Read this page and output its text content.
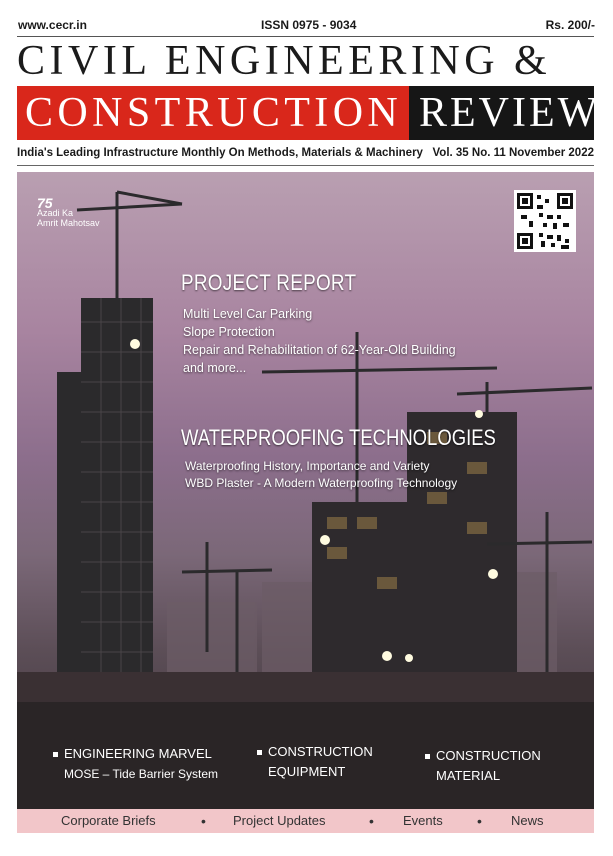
www.cecr.in	ISSN 0975 - 9034	Rs. 200/-
CIVIL ENGINEERING &
CONSTRUCTION REVIEW
India's Leading Infrastructure Monthly On Methods, Materials & Machinery Vol. 35 No. 11 November 2022
75
Azadi Ka
Amrit Mahotsav
PROJECT REPORT
Multi Level Car Parking
Slope Protection
Repair and Rehabilitation of 62-Year-Old Building
and more...
WATERPROOFING TECHNOLOGIES
Waterproofing History, Importance and Variety
WBD Plaster - A Modern Waterproofing Technology
ENGINEERING MARVEL
MOSE – Tide Barrier System
CONSTRUCTION
EQUIPMENT
CONSTRUCTION
MATERIAL
Corporate Briefs	• Project Updates	• Events • News
